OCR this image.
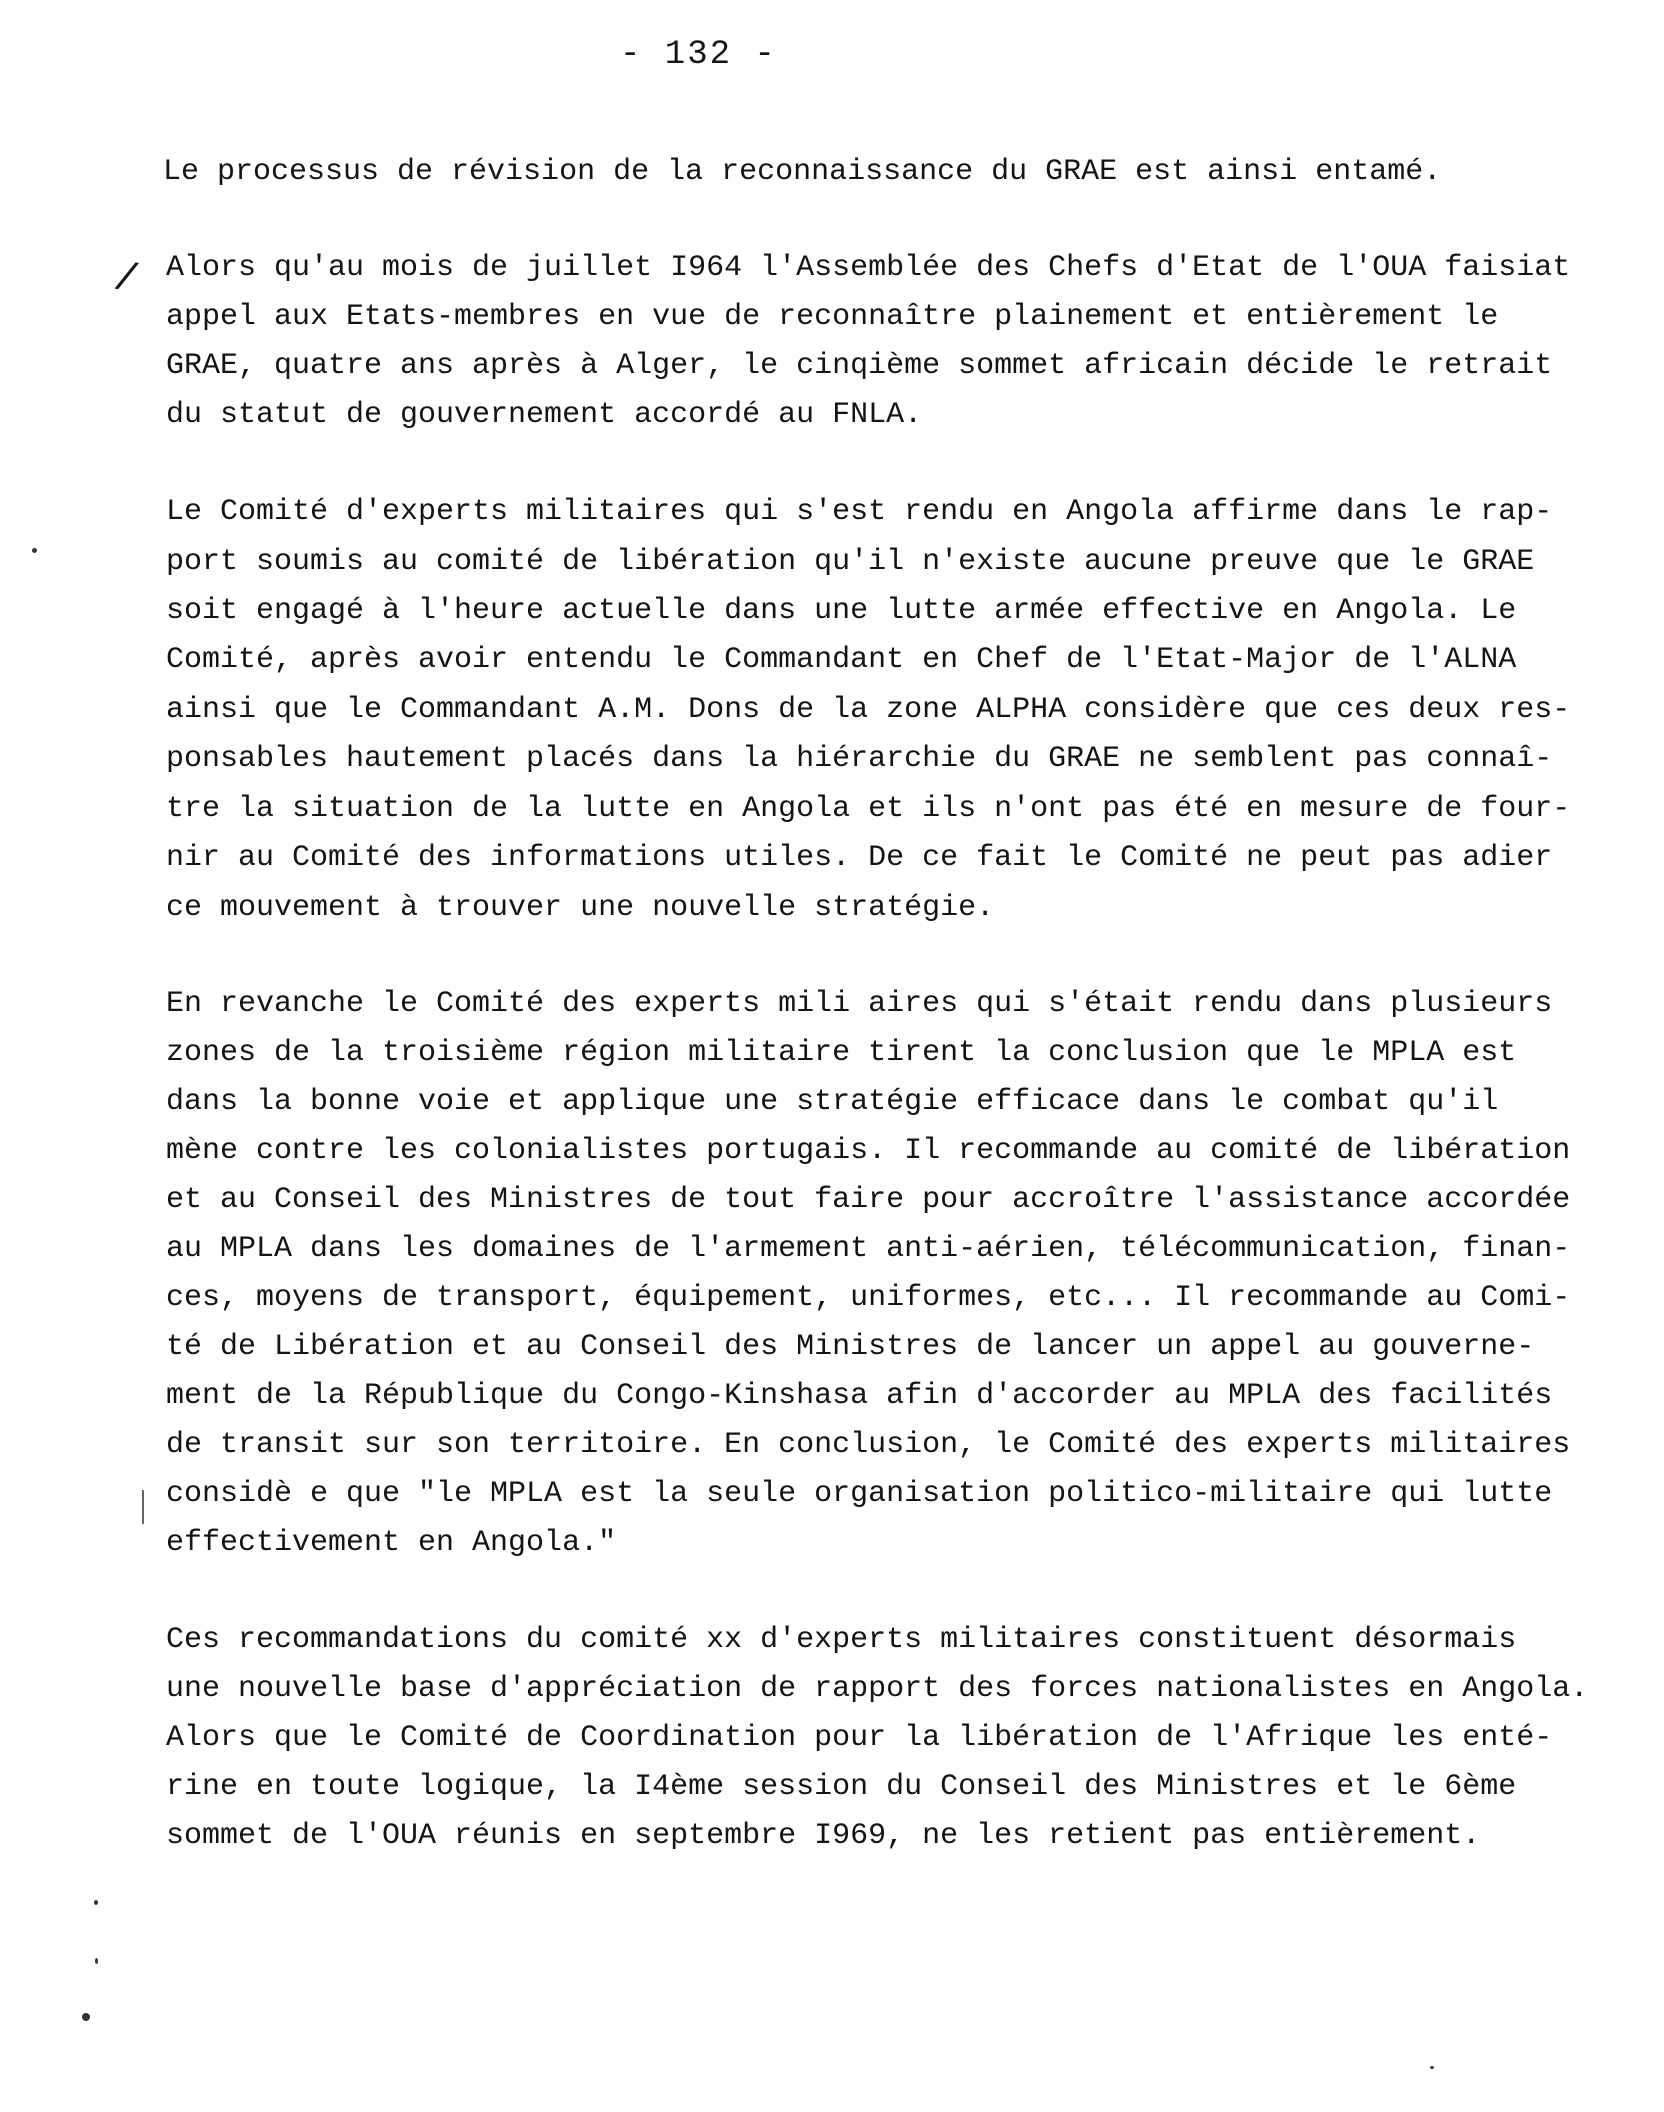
- 132 -
/
Le processus de révision de la reconnaissance du GRAE est ainsi entamé.
Alors qu'au mois de juillet I964 l'Assemblée des Chefs d'Etat de l'OUA faisiat
appel aux Etats-membres en vue de reconnaître plainement et entièrement le
GRAE, quatre ans après à Alger, le cinqième sommet africain décide le retrait
du statut de gouvernement accordé au FNLA.
Le Comité d'experts militaires qui s'est rendu en Angola affirme dans le rap-
port soumis au comité de libération qu'il n'existe aucune preuve que le GRAE
soit engagé à l'heure actuelle dans une lutte armée effective en Angola. Le
Comité, après avoir entendu le Commandant en Chef de l'Etat-Major de l'ALNA
ainsi que le Commandant A.M. Dons de la zone ALPHA considère que ces deux res-
ponsables hautement placés dans la hiérarchie du GRAE ne semblent pas connaî-
tre la situation de la lutte en Angola et ils n'ont pas été en mesure de four-
nir au Comité des informations utiles. De ce fait le Comité ne peut pas adier
ce mouvement à trouver une nouvelle stratégie.
En revanche le Comité des experts mili aires qui s'était rendu dans plusieurs
zones de la troisième région militaire tirent la conclusion que le MPLA est
dans la bonne voie et applique une stratégie efficace dans le combat qu'il
mène contre les colonialistes portugais. Il recommande au comité de libération
et au Conseil des Ministres de tout faire pour accroître l'assistance accordée
au MPLA dans les domaines de l'armement anti-aérien, télécommunication, finan-
ces, moyens de transport, équipement, uniformes, etc... Il recommande au Comi-
té de Libération et au Conseil des Ministres de lancer un appel au gouverne-
ment de la République du Congo-Kinshasa afin d'accorder au MPLA des facilités
de transit sur son territoire. En conclusion, le Comité des experts militaires
considè e que "le MPLA est la seule organisation politico-militaire qui lutte
effectivement en Angola."
Ces recommandations du comité xx d'experts militaires constituent désormais
une nouvelle base d'appréciation de rapport des forces nationalistes en Angola.
Alors que le Comité de Coordination pour la libération de l'Afrique les enté-
rine en toute logique, la I4ème session du Conseil des Ministres et le 6ème
sommet de l'OUA réunis en septembre I969, ne les retient pas entièrement.
